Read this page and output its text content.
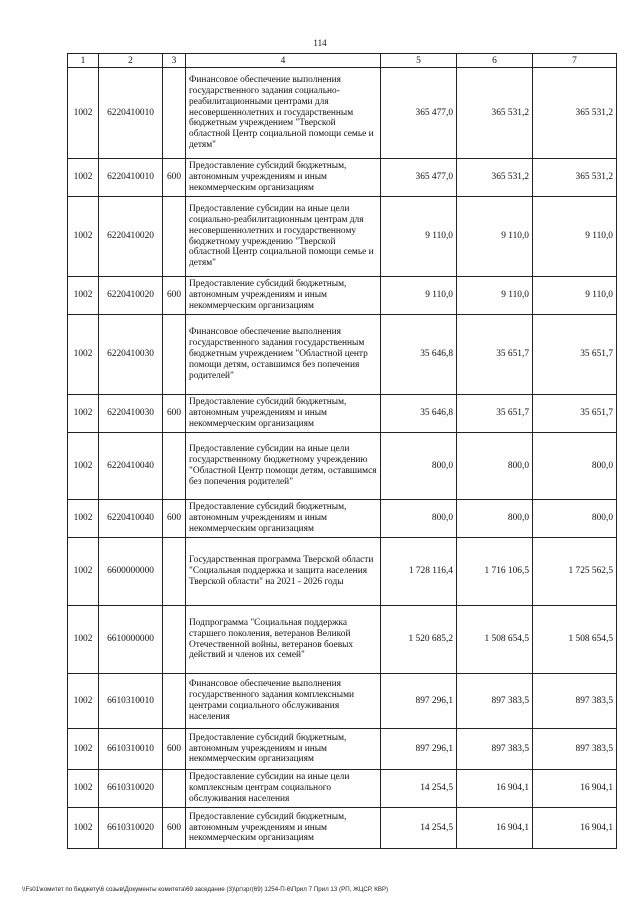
114
1	2	3	4	5	6	7
1002	6220410010		Финансовое обеспечение выполнения государственного задания социально-реабилитационными центрами для несовершеннолетних и государственным бюджетным учреждением "Тверской областной Центр социальной помощи семье и детям"	365 477,0	365 531,2	365 531,2
1002	6220410010	600	Предоставление субсидий бюджетным, автономным учреждениям и иным некоммерческим организациям	365 477,0	365 531,2	365 531,2
1002	6220410020		Предоставление субсидии на иные цели социально-реабилитационным центрам для несовершеннолетних и государственному бюджетному учреждению "Тверской областной Центр социальной помощи семье и детям"	9 110,0	9 110,0	9 110,0
1002	6220410020	600	Предоставление субсидий бюджетным, автономным учреждениям и иным некоммерческим организациям	9 110,0	9 110,0	9 110,0
1002	6220410030		Финансовое обеспечение выполнения государственного задания государственным бюджетным учреждением "Областной центр помощи детям, оставшимся без попечения родителей"	35 646,8	35 651,7	35 651,7
1002	6220410030	600	Предоставление субсидий бюджетным, автономным учреждениям и иным некоммерческим организациям	35 646,8	35 651,7	35 651,7
1002	6220410040		Предоставление субсидии на иные цели государственному бюджетному учреждению "Областной Центр помощи детям, оставшимся без попечения родителей"	800,0	800,0	800,0
1002	6220410040	600	Предоставление субсидий бюджетным, автономным учреждениям и иным некоммерческим организациям	800,0	800,0	800,0
1002	6600000000		Государственная программа Тверской области "Социальная поддержка и защита населения Тверской области" на 2021 - 2026 годы	1 728 116,4	1 716 106,5	1 725 562,5
1002	6610000000		Подпрограмма "Социальная поддержка старшего поколения, ветеранов Великой Отечественной войны, ветеранов боевых действий и членов их семей"	1 520 685,2	1 508 654,5	1 508 654,5
1002	6610310010		Финансовое обеспечение выполнения государственного задания комплексными центрами социального обслуживания населения	897 296,1	897 383,5	897 383,5
1002	6610310010	600	Предоставление субсидий бюджетным, автономным учреждениям и иным некоммерческим организациям	897 296,1	897 383,5	897 383,5
1002	6610310020		Предоставление субсидии на иные цели комплексным центрам социального обслуживания населения	14 254,5	16 904,1	16 904,1
1002	6610310020	600	Предоставление субсидий бюджетным, автономным учреждениям и иным некоммерческим организациям	14 254,5	16 904,1	16 904,1
\\Fs01\комитет по бюджету\6 созыв\Документы комитета\69 заседание (3)\рг\зрг(69) 1254-П-6\Прил 7 Прил 13 (РП, ЖЦСР, КВР)
